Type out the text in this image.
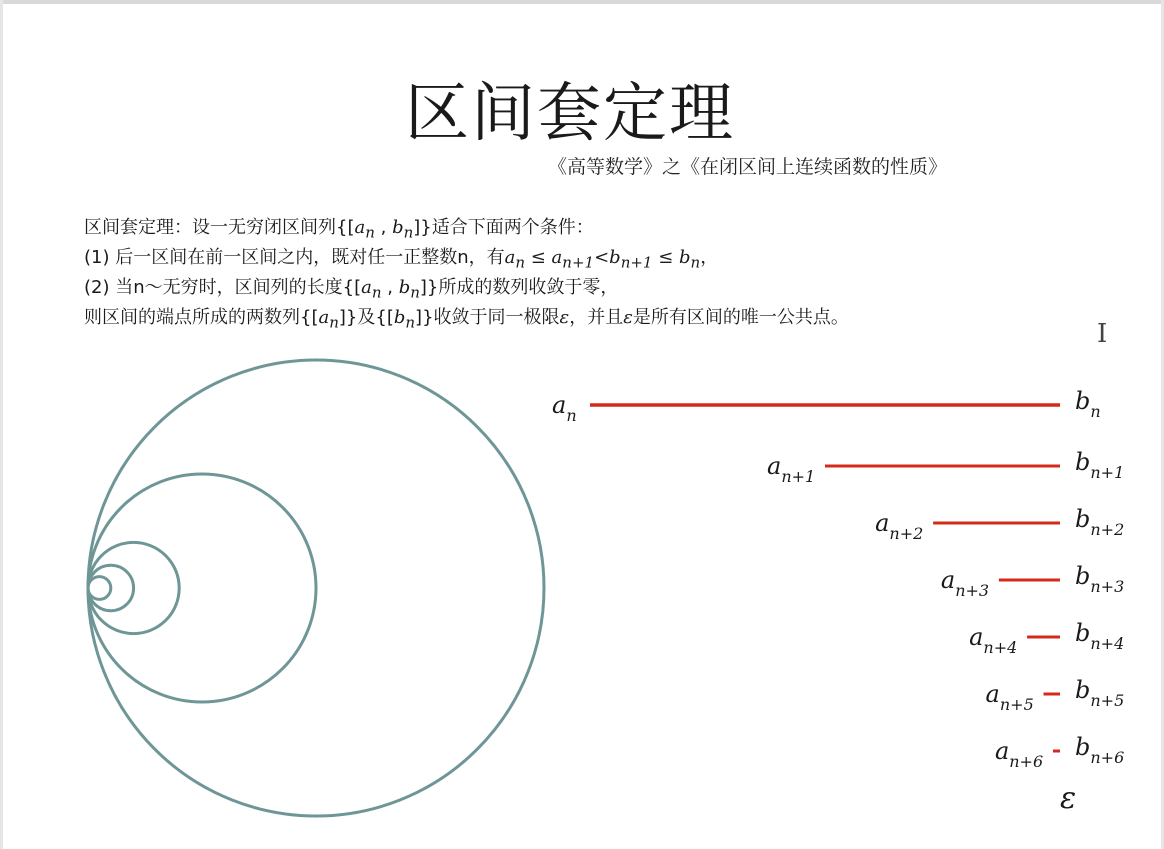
区间套定理
《高等数学》之《在闭区间上连续函数的性质》
区间套定理：设一无穷闭区间列{[$a_n$ , $b_n$]}适合下面两个条件：
(1) 后一区间在前一区间之内，既对任一正整数n，有$a_n \le a_{n+1}<b_{n+1} \le b_n$，
(2) 当n～无穷时，区间列的长度{[$a_n$ , $b_n$]}所成的数列收敛于零，
则区间的端点所成的两数列$\{[a_n]\}$及$\{[b_n]\}$收敛于同一极限ε，并且ε是所有区间的唯一公共点。
I
$a_n$
$b_n$
$a_{n+1}$
$b_{n+1}$
$a_{n+2}$
$b_{n+2}$
$a_{n+3}$
$b_{n+3}$
$a_{n+4}$
$b_{n+4}$
$a_{n+5}$
$b_{n+5}$
$a_{n+6}$
$b_{n+6}$
ε
